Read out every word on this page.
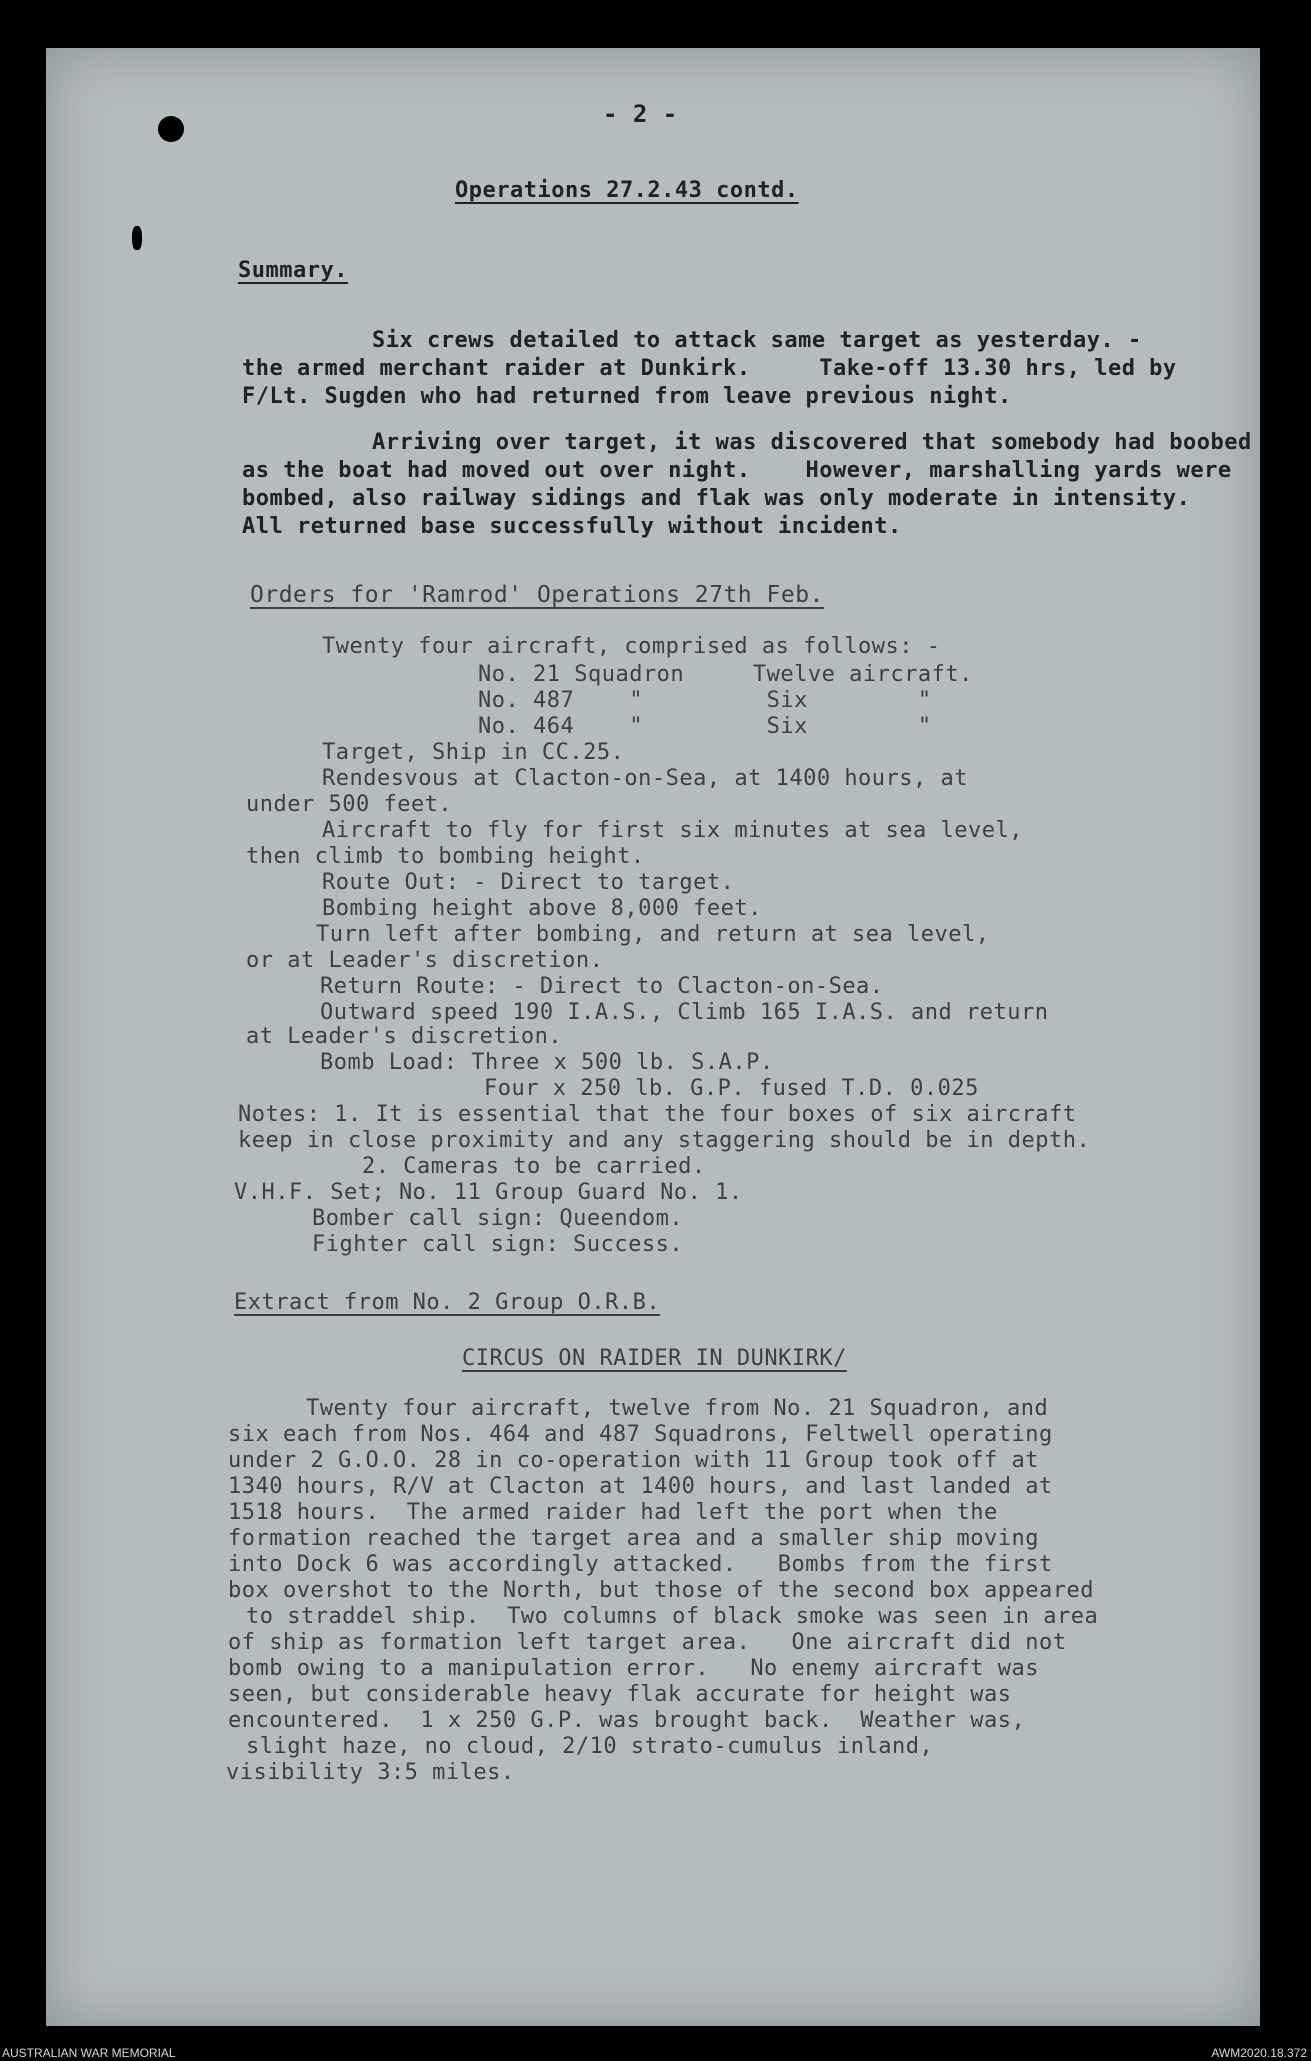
- 2 -
Operations 27.2.43 contd.
Summary.
Six crews detailed to attack same target as yesterday. -
the armed merchant raider at Dunkirk.     Take-off 13.30 hrs, led by
F/Lt. Sugden who had returned from leave previous night.
Arriving over target, it was discovered that somebody had boobed
as the boat had moved out over night.    However, marshalling yards were
bombed, also railway sidings and flak was only moderate in intensity.
All returned base successfully without incident.
Orders for 'Ramrod' Operations 27th Feb.
Twenty four aircraft, comprised as follows: -
No. 21 Squadron     Twelve aircraft.
No. 487    "         Six        "
No. 464    "         Six        "
Target, Ship in CC.25.
Rendesvous at Clacton-on-Sea, at 1400 hours, at
under 500 feet.
Aircraft to fly for first six minutes at sea level,
then climb to bombing height.
Route Out: - Direct to target.
Bombing height above 8,000 feet.
Turn left after bombing, and return at sea level,
or at Leader's discretion.
Return Route: - Direct to Clacton-on-Sea.
Outward speed 190 I.A.S., Climb 165 I.A.S. and return
at Leader's discretion.
Bomb Load: Three x 500 lb. S.A.P.
Four x 250 lb. G.P. fused T.D. 0.025
Notes: 1. It is essential that the four boxes of six aircraft
keep in close proximity and any staggering should be in depth.
2. Cameras to be carried.
V.H.F. Set; No. 11 Group Guard No. 1.
Bomber call sign: Queendom.
Fighter call sign: Success.
Extract from No. 2 Group O.R.B.
CIRCUS ON RAIDER IN DUNKIRK/
Twenty four aircraft, twelve from No. 21 Squadron, and
six each from Nos. 464 and 487 Squadrons, Feltwell operating
under 2 G.O.O. 28 in co-operation with 11 Group took off at
1340 hours, R/V at Clacton at 1400 hours, and last landed at
1518 hours.  The armed raider had left the port when the
formation reached the target area and a smaller ship moving
into Dock 6 was accordingly attacked.   Bombs from the first
box overshot to the North, but those of the second box appeared
to straddel ship.  Two columns of black smoke was seen in area
of ship as formation left target area.   One aircraft did not
bomb owing to a manipulation error.   No enemy aircraft was
seen, but considerable heavy flak accurate for height was
encountered.  1 x 250 G.P. was brought back.  Weather was,
slight haze, no cloud, 2/10 strato-cumulus inland,
visibility 3:5 miles.
AUSTRALIAN WAR MEMORIAL	AWM2020.18.372
